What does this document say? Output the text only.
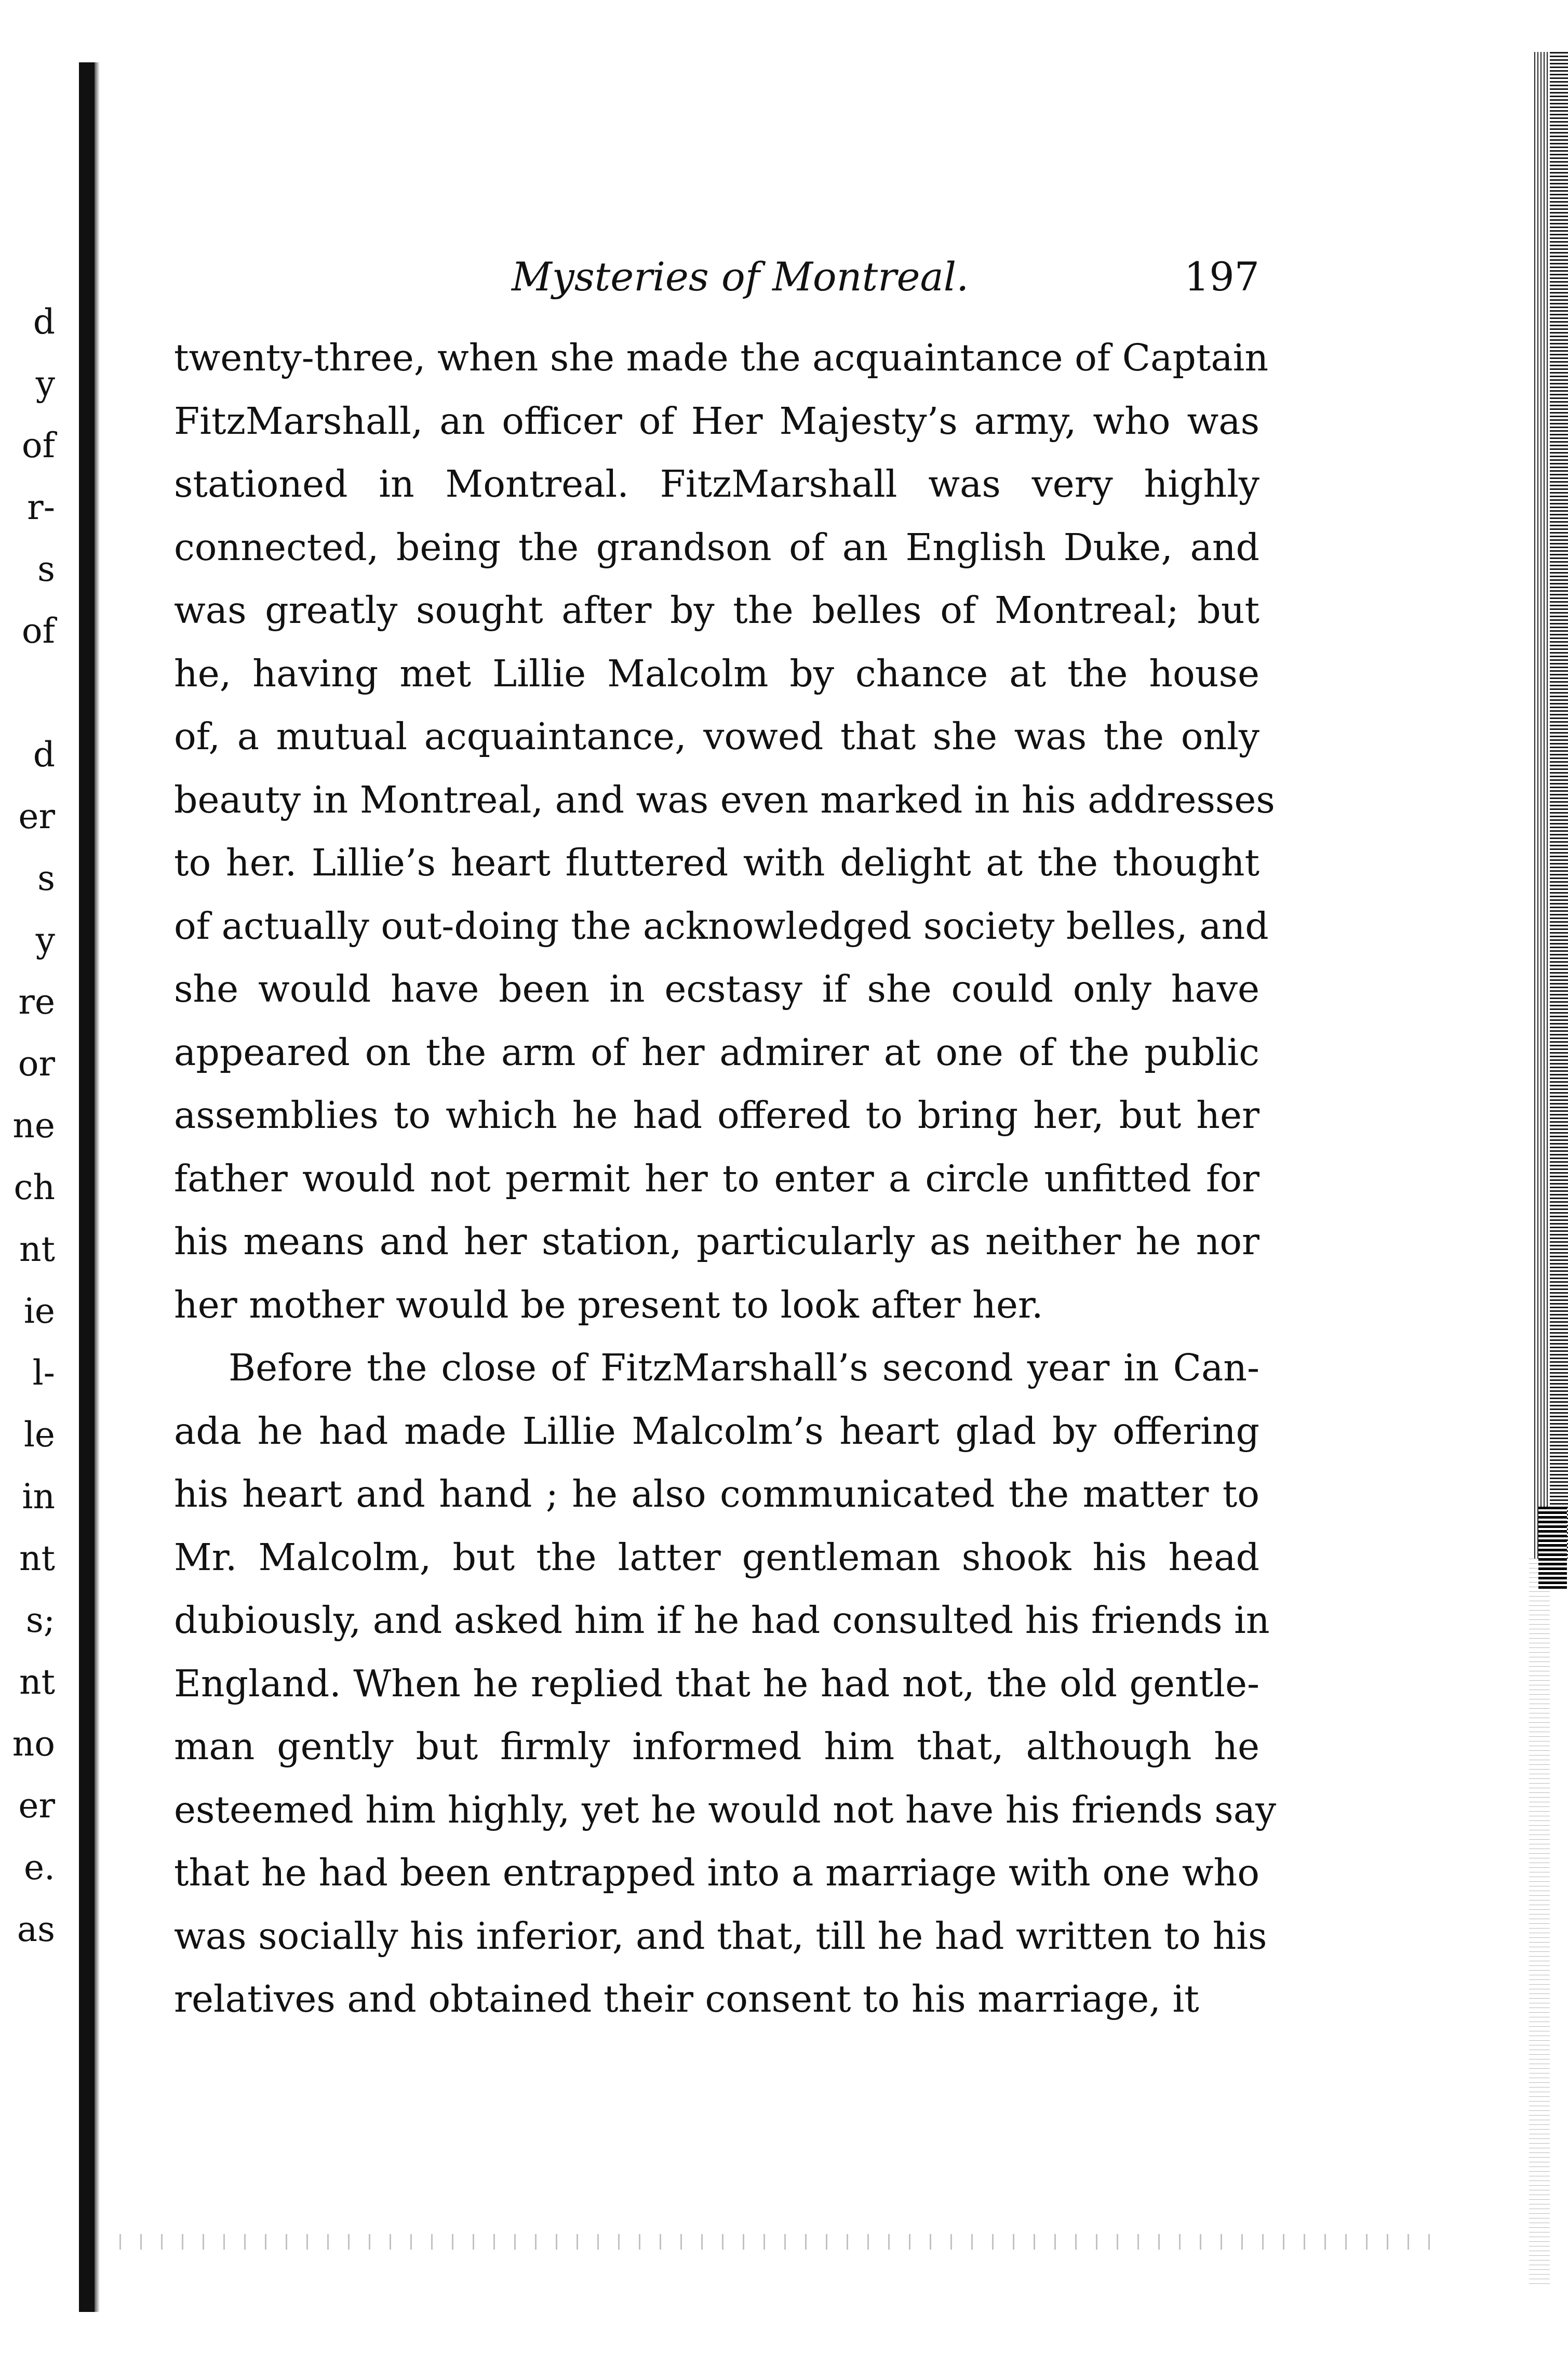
d
y
of
r-
s
of
d
er
s
y
re
or
ne
ch
nt
ie
l-
le
in
nt
s;
nt
no
er
e.
as
Mysteries of Montreal.	197
twenty-three, when she made the acquaintance of Captain
FitzMarshall, an officer of Her Majesty’s army, who was
stationed in Montreal. FitzMarshall was very highly
connected, being the grandson of an English Duke, and
was greatly sought after by the belles of Montreal; but
he, having met Lillie Malcolm by chance at the house
of, a mutual acquaintance, vowed that she was the only
beauty in Montreal, and was even marked in his addresses
to her. Lillie’s heart fluttered with delight at the thought
of actually out-doing the acknowledged society belles, and
she would have been in ecstasy if she could only have
appeared on the arm of her admirer at one of the public
assemblies to which he had offered to bring her, but her
father would not permit her to enter a circle unfitted for
his means and her station, particularly as neither he nor
her mother would be present to look after her.
Before the close of FitzMarshall’s second year in Can-
ada he had made Lillie Malcolm’s heart glad by offering
his heart and hand ; he also communicated the matter to
Mr. Malcolm, but the latter gentleman shook his head
dubiously, and asked him if he had consulted his friends in
England. When he replied that he had not, the old gentle-
man gently but firmly informed him that, although he
esteemed him highly, yet he would not have his friends say
that he had been entrapped into a marriage with one who
was socially his inferior, and that, till he had written to his
relatives and obtained their consent to his marriage, it
